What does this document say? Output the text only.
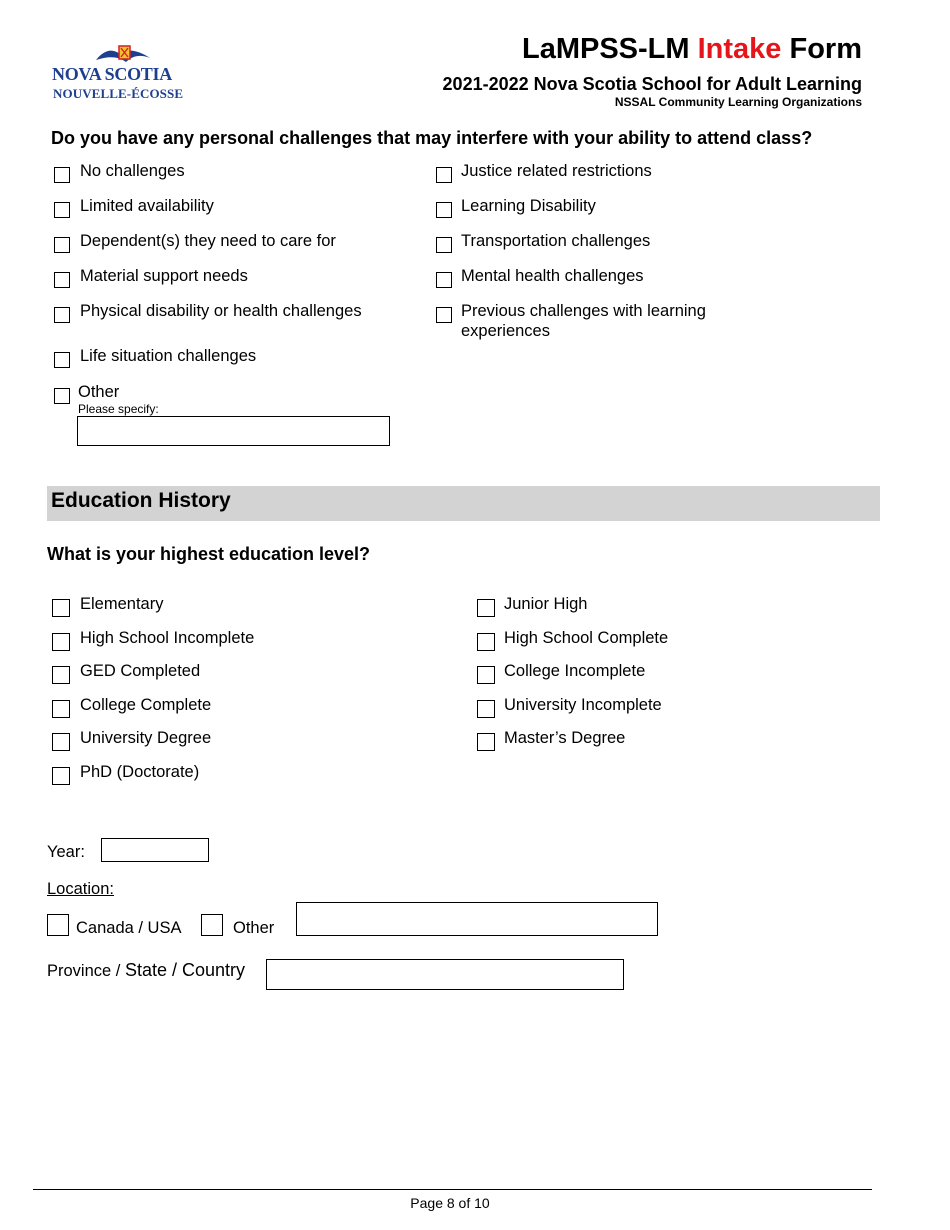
NOVA SCOTIA
NOUVELLE-ÉCOSSE
LaMPSS-LM Intake Form
2021-2022 Nova Scotia School for Adult Learning
NSSAL Community Learning Organizations
Do you have any personal challenges that may interfere with your ability to attend class?
No challenges
Limited availability
Dependent(s) they need to care for
Material support needs
Physical disability or health challenges
Life situation challenges
Justice related restrictions
Learning Disability
Transportation challenges
Mental health challenges
Previous challenges with learning experiences
Other
Please specify:
Education History
What is your highest education level?
Elementary
High School Incomplete
GED Completed
College Complete
University Degree
PhD (Doctorate)
Junior High
High School Complete
College Incomplete
University Incomplete
Master’s Degree
Year:
Location:
Canada / USA	Other
Province / State / Country
Page 8 of 10
